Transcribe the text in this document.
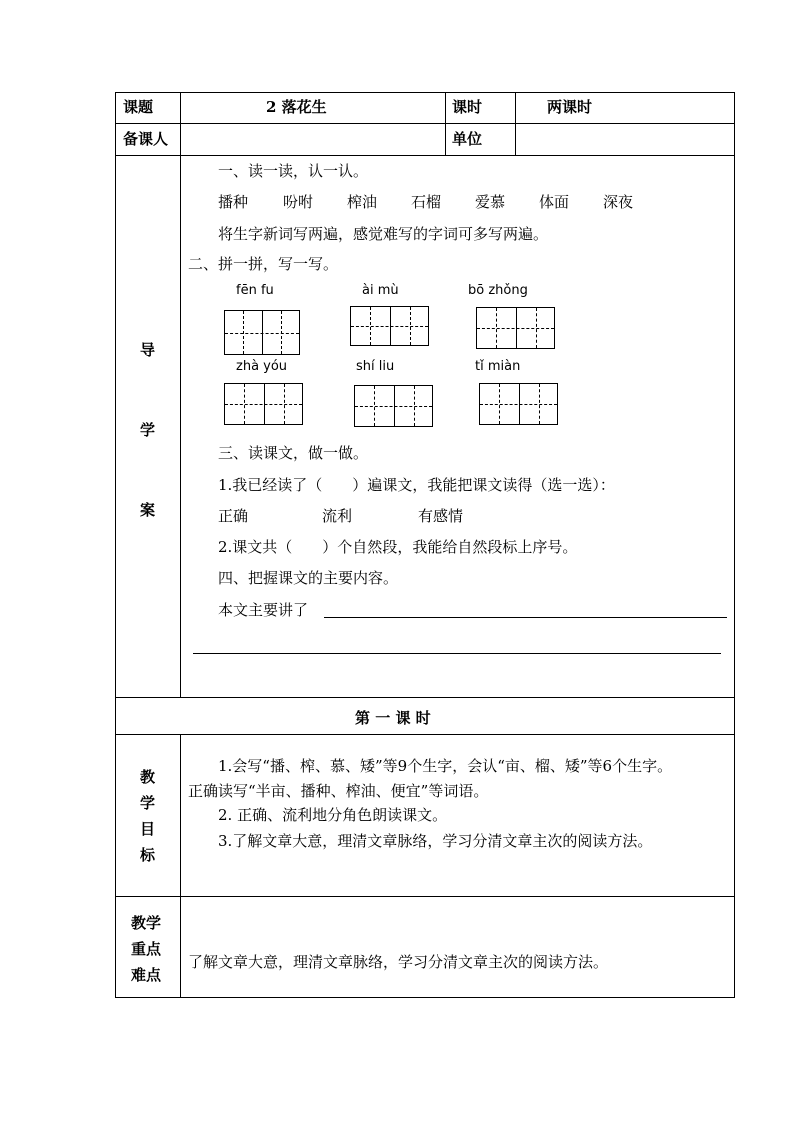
课题	2 落花生	课时	两课时
备课人	单位
导
学
案
一、读一读，认一认。
播种 吩咐 榨油 石榴 爱慕 体面 深夜
将生字新词写两遍，感觉难写的字词可多写两遍。
二、拼一拼，写一写。
fēn fu	ài mù	bō zhǒng
zhà yóu	shí liu	tǐ miàn
三、读课文，做一做。
1.我已经读了（　　）遍课文，我能把课文读得（选一选）：
正确	流利	有感情
2.课文共（　　）个自然段，我能给自然段标上序号。
四、把握课文的主要内容。
本文主要讲了
第 一 课 时
教
学
目
标
1.会写“播、榨、慕、矮”等9个生字，会认“亩、榴、矮”等6个生字。
正确读写“半亩、播种、榨油、便宜”等词语。
2. 正确、流利地分角色朗读课文。
3.了解文章大意，理清文章脉络，学习分清文章主次的阅读方法。
教学
重点
难点
了解文章大意，理清文章脉络，学习分清文章主次的阅读方法。
